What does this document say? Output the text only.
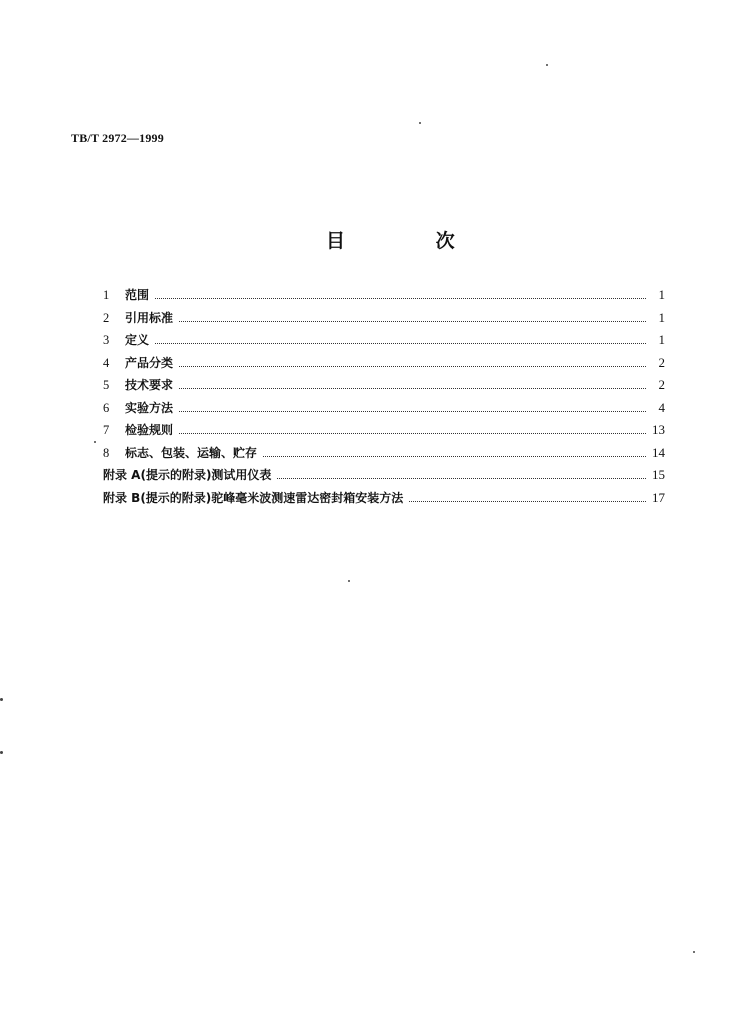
TB/T 2972—1999
目 次
1	范围	1
2	引用标准	1
3	定义	1
4	产品分类	2
5	技术要求	2
6	实验方法	4
7	检验规则	13
8	标志、包装、运输、贮存	14
附录 A(提示的附录)测试用仪表	15
附录 B(提示的附录)驼峰毫米波测速雷达密封箱安装方法	17
